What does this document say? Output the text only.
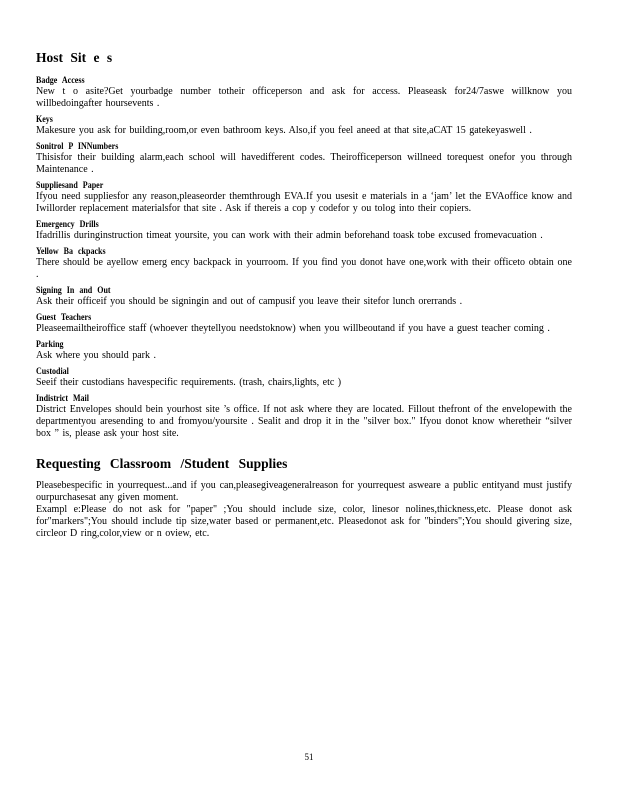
Host Sit e s
Badge Access
New t o asite?Get yourbadge number totheir officeperson and ask for access. Pleaseask for24/7aswe willknow you willbedoingafter hoursevents .
Keys
Makesure you ask for building,room,or even bathroom keys. Also,if you feel aneed at that site,aCAT 15 gatekeyaswell .
Sonitrol P INNumbers
Thisisfor their building alarm,each school will havedifferent codes. Theirofficeperson willneed torequest onefor you through Maintenance .
Suppliesand Paper
Ifyou need suppliesfor any reason,pleaseorder themthrough EVA.If you usesit e materials in a ‘jam’ let the EVAoffice know and Iwillorder replacement materialsfor that site . Ask if thereis a cop y codefor y ou tolog into their copiers.
Emergency Drills
Ifadrillis duringinstruction timeat yoursite, you can work with their admin beforehand toask tobe excused fromevacuation .
Yellow Ba ckpacks
There should be ayellow emerg ency backpack in yourroom. If you find you donot have one,work with their officeto obtain one .
Signing In and Out
Ask their officeif you should be signingin and out of campusif you leave their sitefor lunch orerrands .
Guest Teachers
Pleaseemailtheiroffice staff (whoever theytellyou needstoknow) when you willbeoutand if you have a guest teacher coming .
Parking
Ask where you should park .
Custodial
Seeif their custodians havespecific requirements. (trash, chairs,lights, etc )
Indistrict Mail
District Envelopes should bein yourhost site ’s office. If not ask where they are located. Fillout thefront of the envelopewith the departmentyou aresending to and fromyou/yoursite . Sealit and drop it in the "silver box." Ifyou donot know wheretheir “silver box ” is, please ask your host site.
Requesting Classroom /Student Supplies
Pleasebespecific in yourrequest...and if you can,pleasegiveageneralreason for yourrequest asweare a public entityand must justify ourpurchasesat any given moment.
Exampl e:Please do not ask for "paper" ;You should include size, color, linesor nolines,thickness,etc. Please donot ask for"markers";You should include tip size,water based or permanent,etc. Pleasedonot ask for "binders";You should givering size, circleor D ring,color,view or n oview, etc.
51
